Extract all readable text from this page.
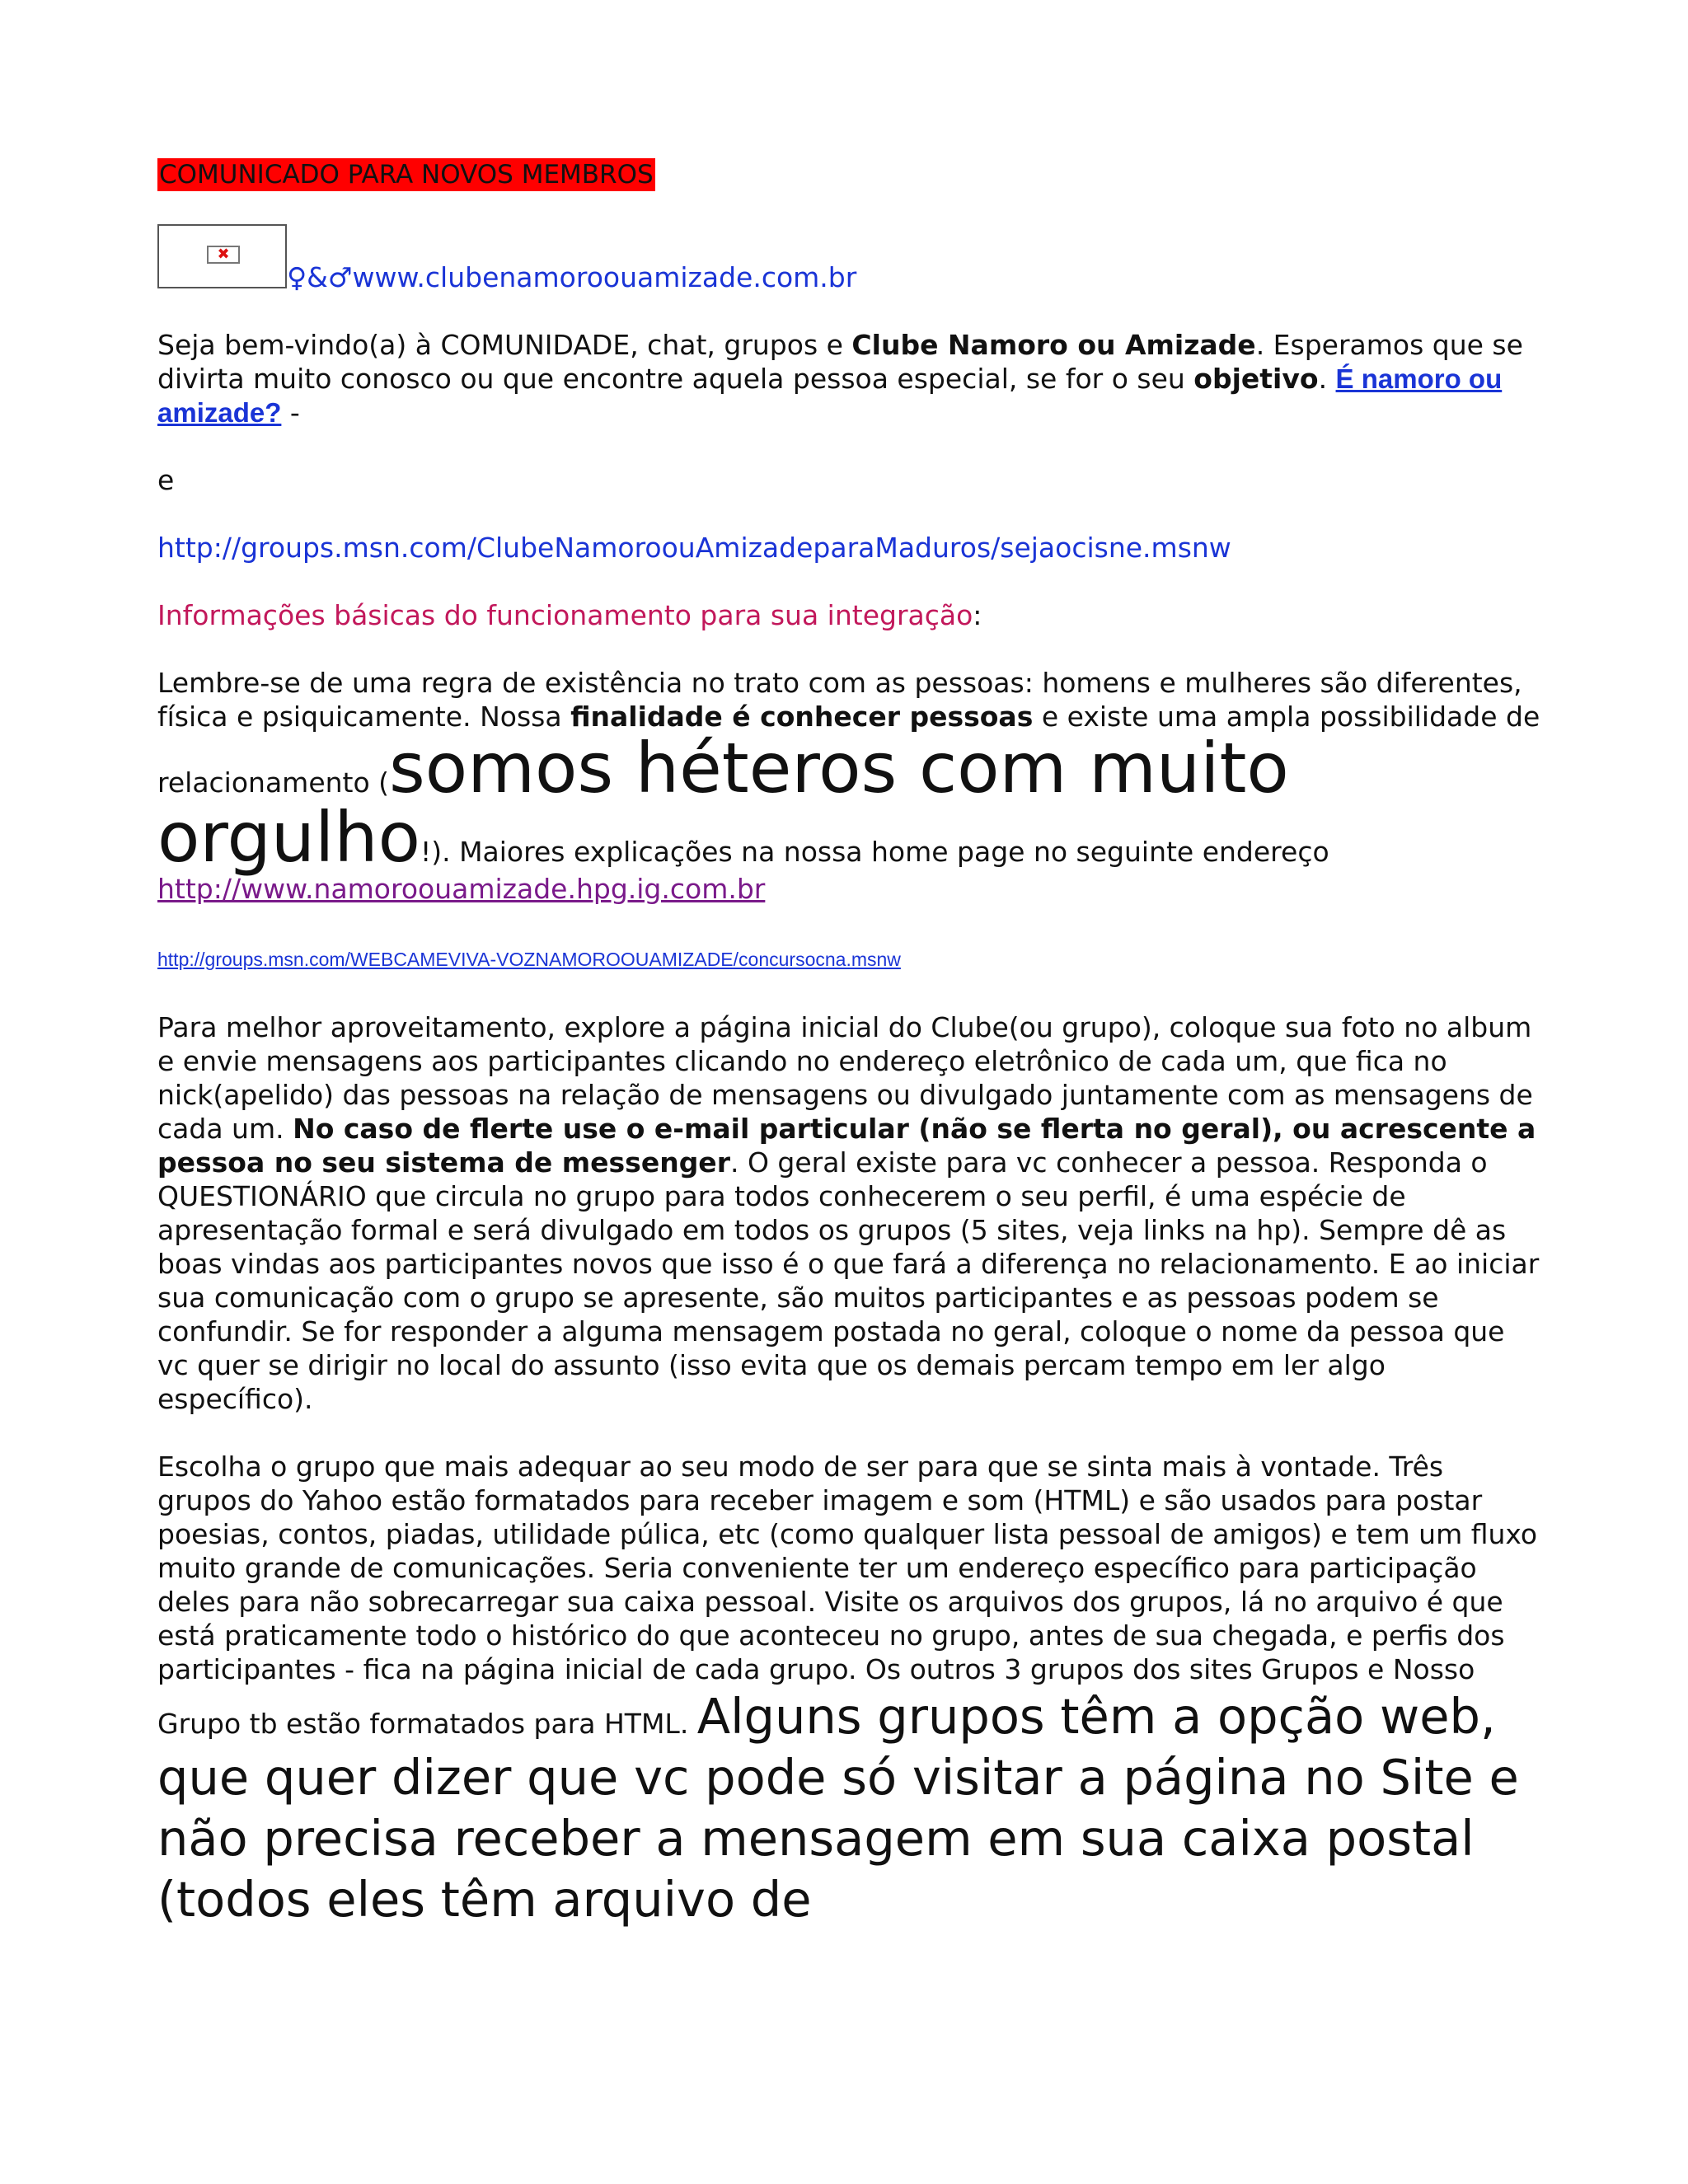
COMUNICADO PARA NOVOS MEMBROS

✖
♀&♂www.clubenamoroouamizade.com.br

Seja bem-vindo(a) à COMUNIDADE, chat, grupos e Clube Namoro ou Amizade. Esperamos que se divirta muito conosco ou que encontre aquela pessoa especial, se for o seu objetivo. É namoro ou amizade? -

e

http://groups.msn.com/ClubeNamoroouAmizadeparaMaduros/sejaocisne.msnw

Informações básicas do funcionamento para sua integração:

Lembre-se de uma regra de existência no trato com as pessoas: homens e mulheres são diferentes, física e psiquicamente. Nossa finalidade é conhecer pessoas e existe uma ampla possibilidade de relacionamento (somos héteros com muito orgulho!). Maiores explicações na nossa home page no seguinte endereço
http://www.namoroouamizade.hpg.ig.com.br

http://groups.msn.com/WEBCAMEVIVA-VOZNAMOROOUAMIZADE/concursocna.msnw

Para melhor aproveitamento, explore a página inicial do Clube(ou grupo), coloque sua foto no album e envie mensagens aos participantes clicando no endereço eletrônico de cada um, que fica no nick(apelido) das pessoas na relação de mensagens ou divulgado juntamente com as mensagens de cada um. No caso de flerte use o e-mail particular (não se flerta no geral), ou acrescente a pessoa no seu sistema de messenger. O geral existe para vc conhecer a pessoa. Responda o QUESTIONÁRIO que circula no grupo para todos conhecerem o seu perfil, é uma espécie de apresentação formal e será divulgado em todos os grupos (5 sites, veja links na hp). Sempre dê as boas vindas aos participantes novos que isso é o que fará a diferença no relacionamento. E ao iniciar sua comunicação com o grupo se apresente, são muitos participantes e as pessoas podem se confundir. Se for responder a alguma mensagem postada no geral, coloque o nome da pessoa que vc quer se dirigir no local do assunto (isso evita que os demais percam tempo em ler algo específico).

Escolha o grupo que mais adequar ao seu modo de ser para que se sinta mais à vontade. Três grupos do Yahoo estão formatados para receber imagem e som (HTML) e são usados para postar poesias, contos, piadas, utilidade púlica, etc (como qualquer lista pessoal de amigos) e tem um fluxo muito grande de comunicações. Seria conveniente ter um endereço específico para participação deles para não sobrecarregar sua caixa pessoal. Visite os arquivos dos grupos, lá no arquivo é que está praticamente todo o histórico do que aconteceu no grupo, antes de sua chegada, e perfis dos participantes - fica na página inicial de cada grupo. Os outros 3 grupos dos sites Grupos e Nosso Grupo tb estão formatados para HTML. Alguns grupos têm a opção web, que quer dizer que vc pode só visitar a página no Site e não precisa receber a mensagem em sua caixa postal (todos eles têm arquivo de
